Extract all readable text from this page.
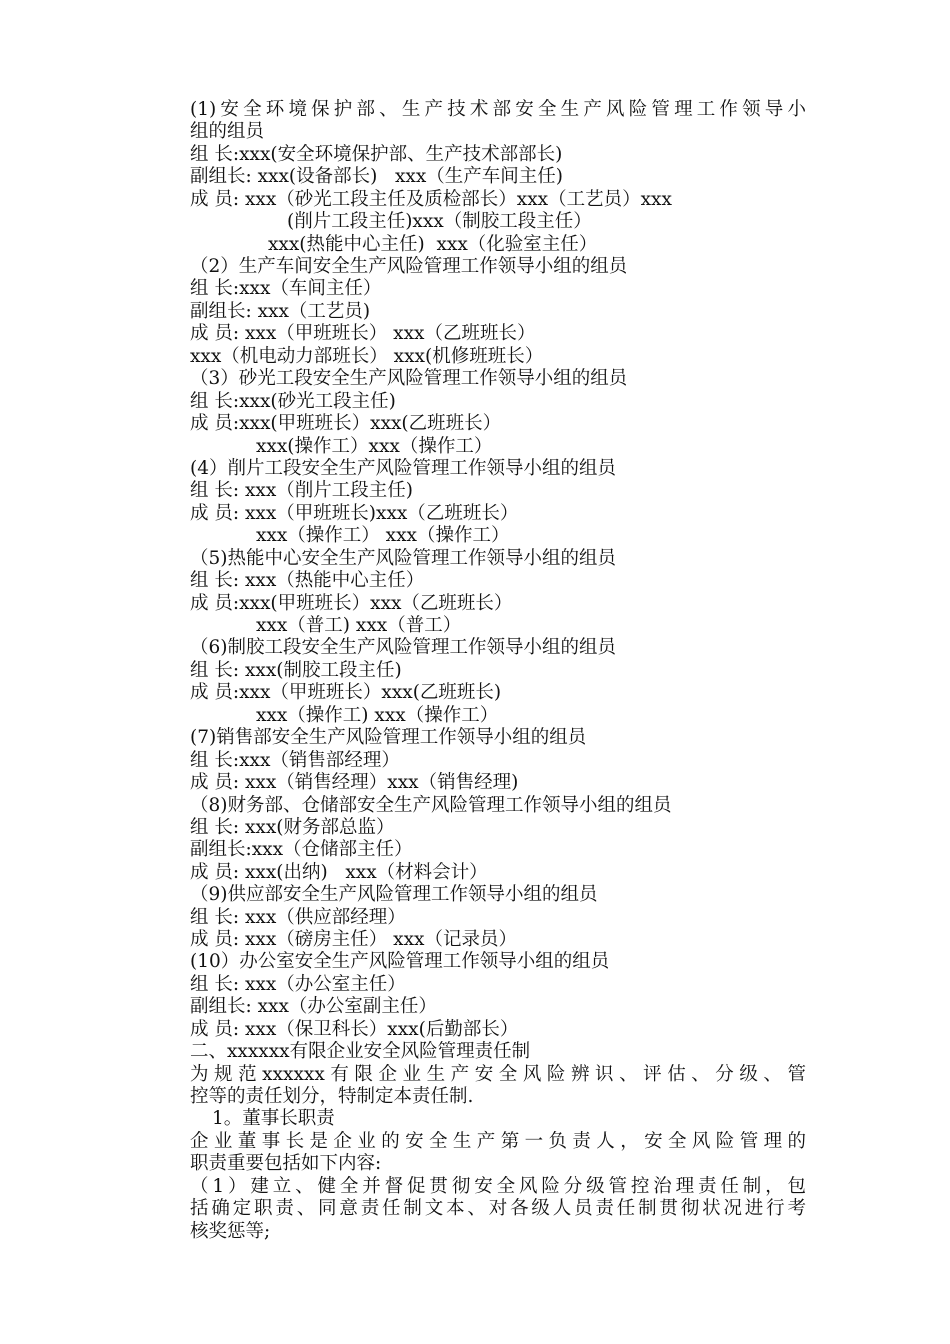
(1)安全环境保护部、生产技术部安全生产风险管理工作领导小
组的组员
组 长:xxx(安全环境保护部、生产技术部部长)
副组长: xxx(设备部长)   xxx（生产车间主任)
成 员: xxx（砂光工段主任及质检部长）xxx（工艺员）xxx
(削片工段主任)xxx（制胶工段主任）
xxx(热能中心主任)  xxx（化验室主任）
（2）生产车间安全生产风险管理工作领导小组的组员
组 长:xxx（车间主任）
副组长: xxx（工艺员)
成 员: xxx（甲班班长） xxx（乙班班长）
xxx（机电动力部班长） xxx(机修班班长）
（3）砂光工段安全生产风险管理工作领导小组的组员
组 长:xxx(砂光工段主任)
成 员:xxx(甲班班长）xxx(乙班班长）
xxx(操作工）xxx（操作工）
(4）削片工段安全生产风险管理工作领导小组的组员
组 长: xxx（削片工段主任)
成 员: xxx（甲班班长)xxx（乙班班长）
xxx（操作工） xxx（操作工）
（5)热能中心安全生产风险管理工作领导小组的组员
组 长: xxx（热能中心主任）
成 员:xxx(甲班班长）xxx（乙班班长）
xxx（普工) xxx（普工）
（6)制胶工段安全生产风险管理工作领导小组的组员
组 长: xxx(制胶工段主任)
成 员:xxx（甲班班长）xxx(乙班班长)
xxx（操作工) xxx（操作工）
(7)销售部安全生产风险管理工作领导小组的组员
组 长:xxx（销售部经理）
成 员: xxx（销售经理）xxx（销售经理)
（8)财务部、仓储部安全生产风险管理工作领导小组的组员
组 长: xxx(财务部总监）
副组长:xxx（仓储部主任）
成 员: xxx(出纳)   xxx（材料会计）
（9)供应部安全生产风险管理工作领导小组的组员
组 长: xxx（供应部经理）
成 员: xxx（磅房主任） xxx（记录员）
(10）办公室安全生产风险管理工作领导小组的组员
组 长: xxx（办公室主任）
副组长: xxx（办公室副主任）
成 员: xxx（保卫科长）xxx(后勤部长）
二、xxxxxx有限企业安全风险管理责任制
为规范xxxxxx有限企业生产安全风险辨识、评估、分级、管
控等的责任划分，特制定本责任制.
1。董事长职责
企业董事长是企业的安全生产第一负责人，安全风险管理的
职责重要包括如下内容:
（1）建立、健全并督促贯彻安全风险分级管控治理责任制，包
括确定职责、同意责任制文本、对各级人员责任制贯彻状况进行考
核奖惩等;
